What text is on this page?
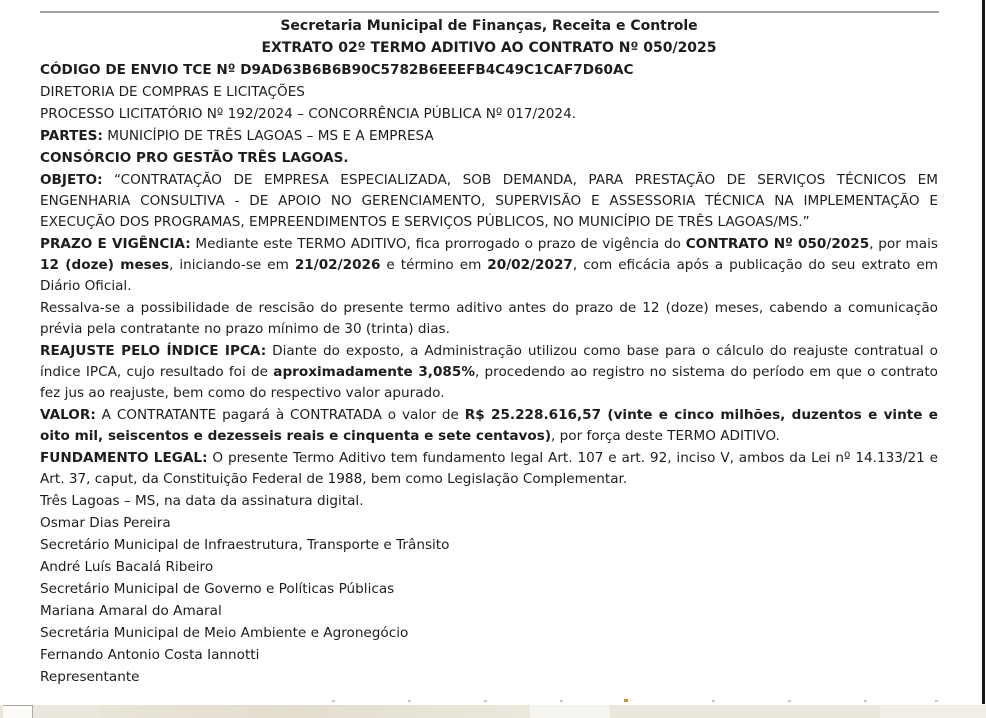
Secretaria Municipal de Finanças, Receita e Controle

EXTRATO 02º TERMO ADITIVO AO CONTRATO Nº 050/2025

CÓDIGO DE ENVIO TCE Nº D9AD63B6B6B90C5782B6EEEFB4C49C1CAF7D60AC

DIRETORIA DE COMPRAS E LICITAÇÕES

PROCESSO LICITATÓRIO Nº 192/2024 – CONCORRÊNCIA PÚBLICA Nº 017/2024.

PARTES: MUNICÍPIO DE TRÊS LAGOAS – MS E A EMPRESA

CONSÓRCIO PRO GESTÃO TRÊS LAGOAS.

OBJETO: “CONTRATAÇÃO DE EMPRESA ESPECIALIZADA, SOB DEMANDA, PARA PRESTAÇÃO DE SERVIÇOS TÉCNICOS EM ENGENHARIA CONSULTIVA - DE APOIO NO GERENCIAMENTO, SUPERVISÃO E ASSESSORIA TÉCNICA NA IMPLEMENTAÇÃO E EXECUÇÃO DOS PROGRAMAS, EMPREENDIMENTOS E SERVIÇOS PÚBLICOS, NO MUNICÍPIO DE TRÊS LAGOAS/MS.”

PRAZO E VIGÊNCIA: Mediante este TERMO ADITIVO, fica prorrogado o prazo de vigência do CONTRATO Nº 050/2025, por mais 12 (doze) meses, iniciando-se em 21/02/2026 e término em 20/02/2027, com eficácia após a publicação do seu extrato em Diário Oficial.

Ressalva-se a possibilidade de rescisão do presente termo aditivo antes do prazo de 12 (doze) meses, cabendo a comunicação prévia pela contratante no prazo mínimo de 30 (trinta) dias.

REAJUSTE PELO ÍNDICE IPCA: Diante do exposto, a Administração utilizou como base para o cálculo do reajuste contratual o índice IPCA, cujo resultado foi de aproximadamente 3,085%, procedendo ao registro no sistema do período em que o contrato fez jus ao reajuste, bem como do respectivo valor apurado.

VALOR: A CONTRATANTE pagará à CONTRATADA o valor de R$ 25.228.616,57 (vinte e cinco milhões, duzentos e vinte e oito mil, seiscentos e dezesseis reais e cinquenta e sete centavos), por força deste TERMO ADITIVO.

FUNDAMENTO LEGAL: O presente Termo Aditivo tem fundamento legal Art. 107 e art. 92, inciso V, ambos da Lei nº 14.133/21 e Art. 37, caput, da Constituição Federal de 1988, bem como Legislação Complementar.

Três Lagoas – MS, na data da assinatura digital.

Osmar Dias Pereira

Secretário Municipal de Infraestrutura, Transporte e Trânsito

André Luís Bacalá Ribeiro

Secretário Municipal de Governo e Políticas Públicas

Mariana Amaral do Amaral

Secretária Municipal de Meio Ambiente e Agronegócio

Fernando Antonio Costa Iannotti

Representante
